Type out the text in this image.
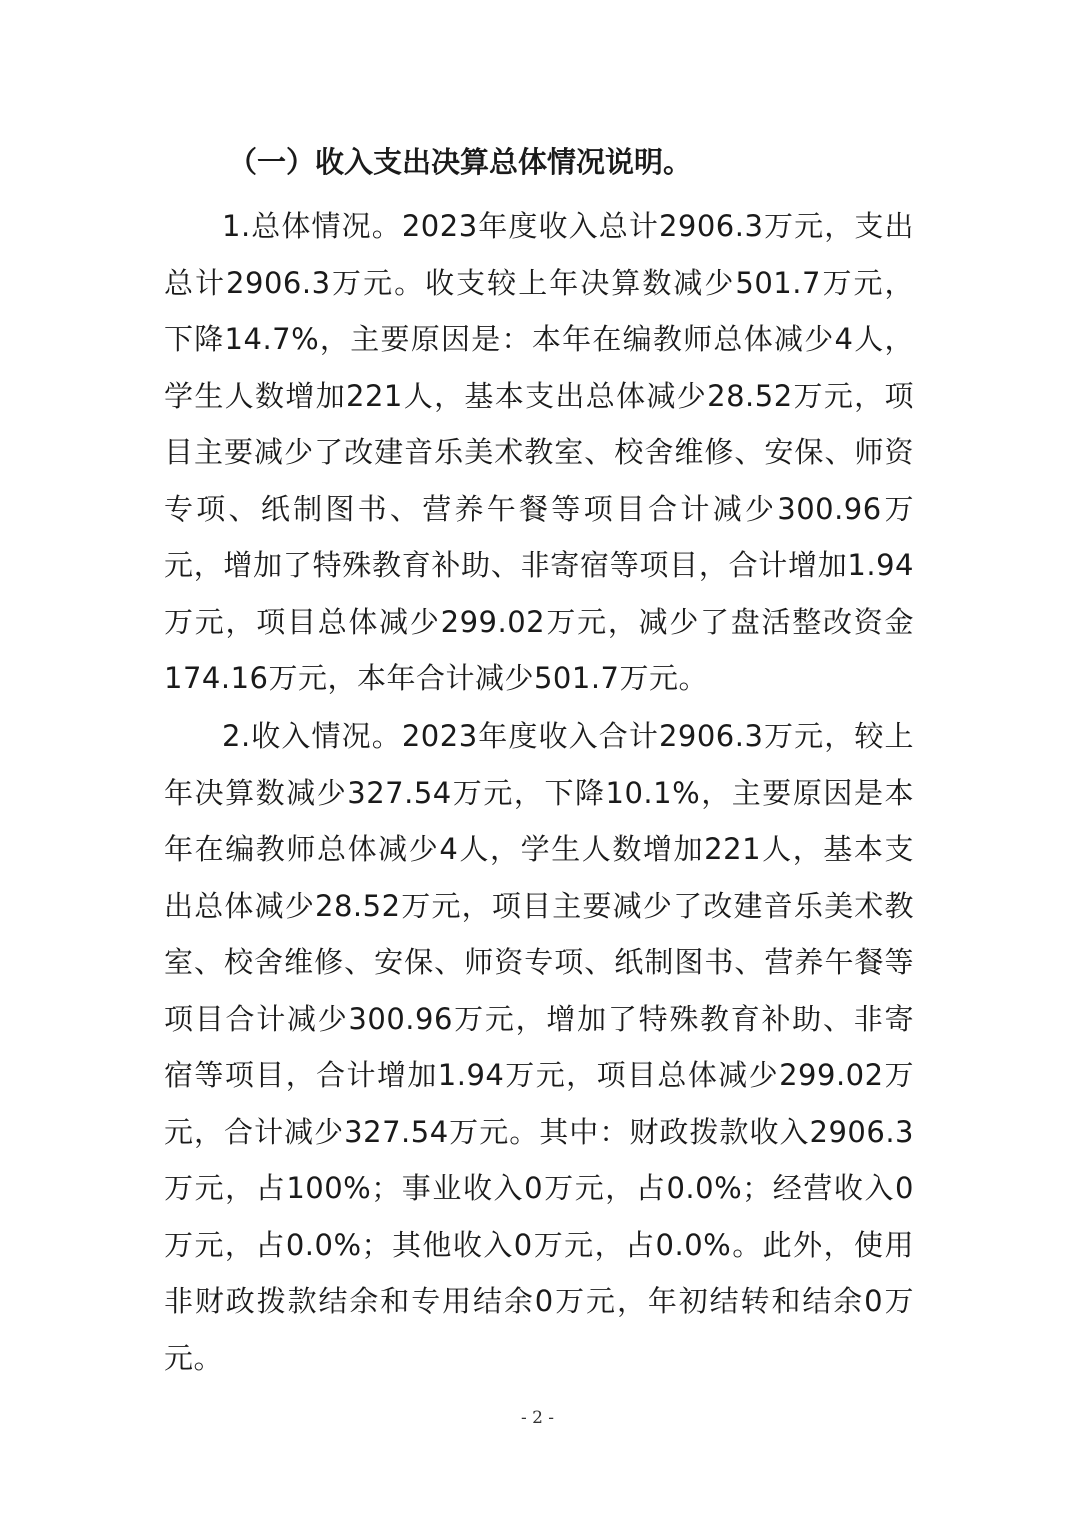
（一）收入支出决算总体情况说明。

1.总体情况。2023年度收入总计2906.3万元，支出总计2906.3万元。收支较上年决算数减少501.7万元，下降14.7%，主要原因是：本年在编教师总体减少4人，学生人数增加221人，基本支出总体减少28.52万元，项目主要减少了改建音乐美术教室、校舍维修、安保、师资专项、纸制图书、营养午餐等项目合计减少300.96万元，增加了特殊教育补助、非寄宿等项目，合计增加1.94万元，项目总体减少299.02万元，减少了盘活整改资金174.16万元，本年合计减少501.7万元。

2.收入情况。2023年度收入合计2906.3万元，较上年决算数减少327.54万元，下降10.1%，主要原因是本年在编教师总体减少4人，学生人数增加221人，基本支出总体减少28.52万元，项目主要减少了改建音乐美术教室、校舍维修、安保、师资专项、纸制图书、营养午餐等项目合计减少300.96万元，增加了特殊教育补助、非寄宿等项目，合计增加1.94万元，项目总体减少299.02万元，合计减少327.54万元。其中：财政拨款收入2906.3万元，占100%；事业收入0万元，占0.0%；经营收入0万元，占0.0%；其他收入0万元，占0.0%。此外，使用非财政拨款结余和专用结余0万元，年初结转和结余0万元。

- 2 -
